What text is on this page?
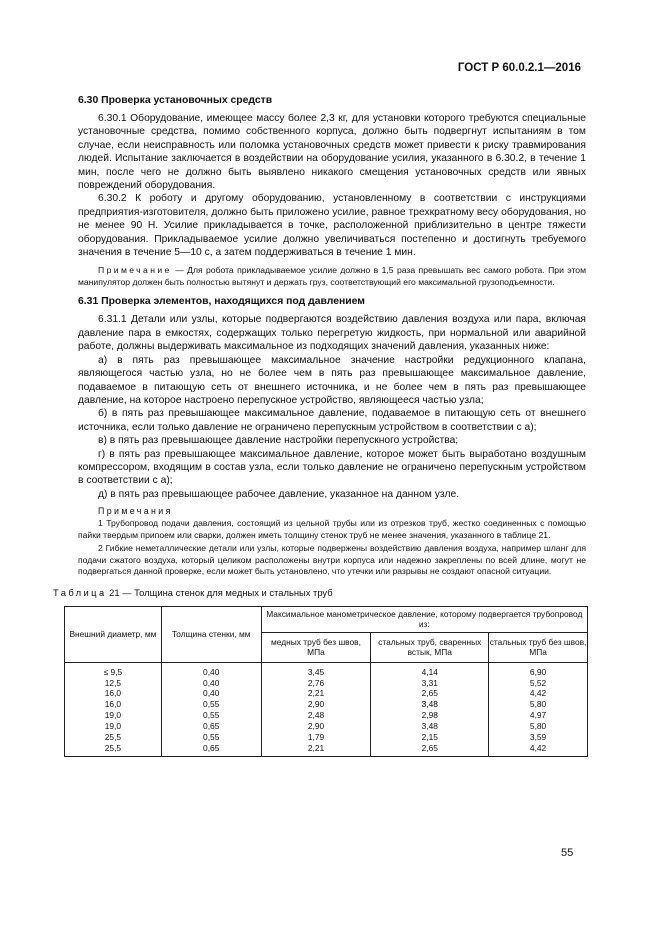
ГОСТ Р 60.0.2.1—2016
6.30 Проверка установочных средств

6.30.1 Оборудование, имеющее массу более 2,3 кг, для установки которого требуются специальные установочные средства, помимо собственного корпуса, должно быть подвергнут испытаниям в том случае, если неисправность или поломка установочных средств может привести к риску травмирования людей. Испытание заключается в воздействии на оборудование усилия, указанного в 6.30.2, в течение 1 мин, после чего не должно быть выявлено никакого смещения установочных средств или явных повреждений оборудования.

6.30.2 К роботу и другому оборудованию, установленному в соответствии с инструкциями предприятия-изготовителя, должно быть приложено усилие, равное трехкратному весу оборудования, но не менее 90 Н. Усилие прикладывается в точке, расположенной приблизительно в центре тяжести оборудования. Прикладываемое усилие должно увеличиваться постепенно и достигнуть требуемого значения в течение 5—10 с, а затем поддерживаться в течение 1 мин.

Примечание — Для робота прикладываемое усилие должно в 1,5 раза превышать вес самого робота. При этом манипулятор должен быть полностью вытянут и держать груз, соответствующий его максимальной грузоподъемности.

6.31 Проверка элементов, находящихся под давлением

6.31.1 Детали или узлы, которые подвергаются воздействию давления воздуха или пара, включая давление пара в емкостях, содержащих только перегретую жидкость, при нормальной или аварийной работе, должны выдерживать максимальное из подходящих значений давления, указанных ниже:

а) в пять раз превышающее максимальное значение настройки редукционного клапана, являющегося частью узла, но не более чем в пять раз превышающее максимальное давление, подаваемое в питающую сеть от внешнего источника, и не более чем в пять раз превышающее давление, на которое настроено перепускное устройство, являющееся частью узла;

б) в пять раз превышающее максимальное давление, подаваемое в питающую сеть от внешнего источника, если только давление не ограничено перепускным устройством в соответствии с а);

в) в пять раз превышающее давление настройки перепускного устройства;

г) в пять раз превышающее максимальное давление, которое может быть выработано воздушным компрессором, входящим в состав узла, если только давление не ограничено перепускным устройством в соответствии с а);

д) в пять раз превышающее рабочее давление, указанное на данном узле.

Примечания

1 Трубопровод подачи давления, состоящий из цельной трубы или из отрезков труб, жестко соединенных с помощью пайки твердым припоем или сварки, должен иметь толщину стенок труб не менее значения, указанного в таблице 21.

2 Гибкие неметаллические детали или узлы, которые подвержены воздействию давления воздуха, например шланг для подачи сжатого воздуха, который целиком расположены внутри корпуса или надежно закреплены по всей длине, могут не подвергаться данной проверке, если может быть установлено, что утечки или разрывы не создают опасной ситуации.

Таблица 21 — Толщина стенок для медных и стальных труб
Внешний диаметр, мм	Толщина стенки, мм	Максимальное манометрическое давление, которому подвергается трубопровод из:		
		медных труб без швов, МПа	стальных труб, сваренных встык, МПа	стальных труб без швов, МПа
≤ 9,5	0,40	3,45	4,14	6,90
12,5	0,40	2,76	3,31	5,52
16,0	0,40	2,21	2,65	4,42
16,0	0,55	2,90	3,48	5,80
19,0	0,55	2,48	2,98	4,97
19,0	0,65	2,90	3,48	5,80
25,5	0,55	1,79	2,15	3,59
25,5	0,65	2,21	2,65	4,42
55
